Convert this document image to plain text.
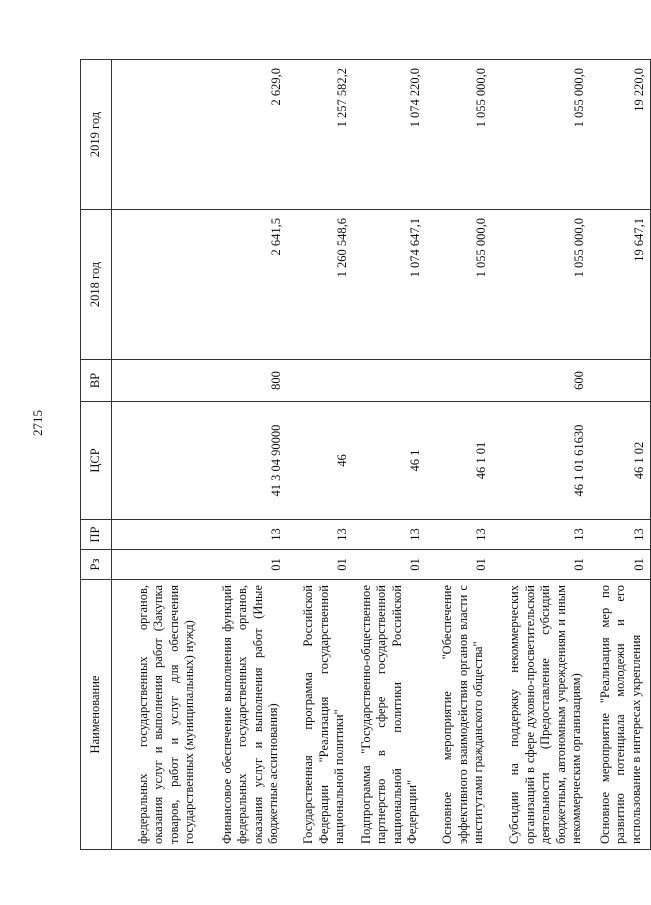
2715
Наименование	Рз	ПР	ЦСР	ВР	2018 год	2019 год
федеральных государственных органов, оказания услуг и выполнения работ (Закупка товаров, работ и услуг для обеспечения государственных (муниципальных) нужд)						
Финансовое обеспечение выполнения функций федеральных государственных органов, оказания услуг и выполнения работ (Иные бюджетные ассигнования)	01	13	41 3 04 90000	800	2 641,5	2 629,0
Государственная программа Российской Федерации "Реализация государственной национальной политики"	01	13	46		1 260 548,6	1 257 582,2
Подпрограмма "Государственно-общественное партнерство в сфере государственной национальной политики Российской Федерации"	01	13	46 1		1 074 647,1	1 074 220,0
Основное мероприятие "Обеспечение эффективного взаимодействия органов власти с институтами гражданского общества"	01	13	46 1 01		1 055 000,0	1 055 000,0
Субсидии на поддержку некоммерческих организаций в сфере духовно-просветительской деятельности (Предоставление субсидий бюджетным, автономным учреждениям и иным некоммерческим организациям)	01	13	46 1 01 61630	600	1 055 000,0	1 055 000,0
Основное мероприятие "Реализация мер по развитию потенциала молодежи и его использование в интересах укрепления	01	13	46 1 02		19 647,1	19 220,0
